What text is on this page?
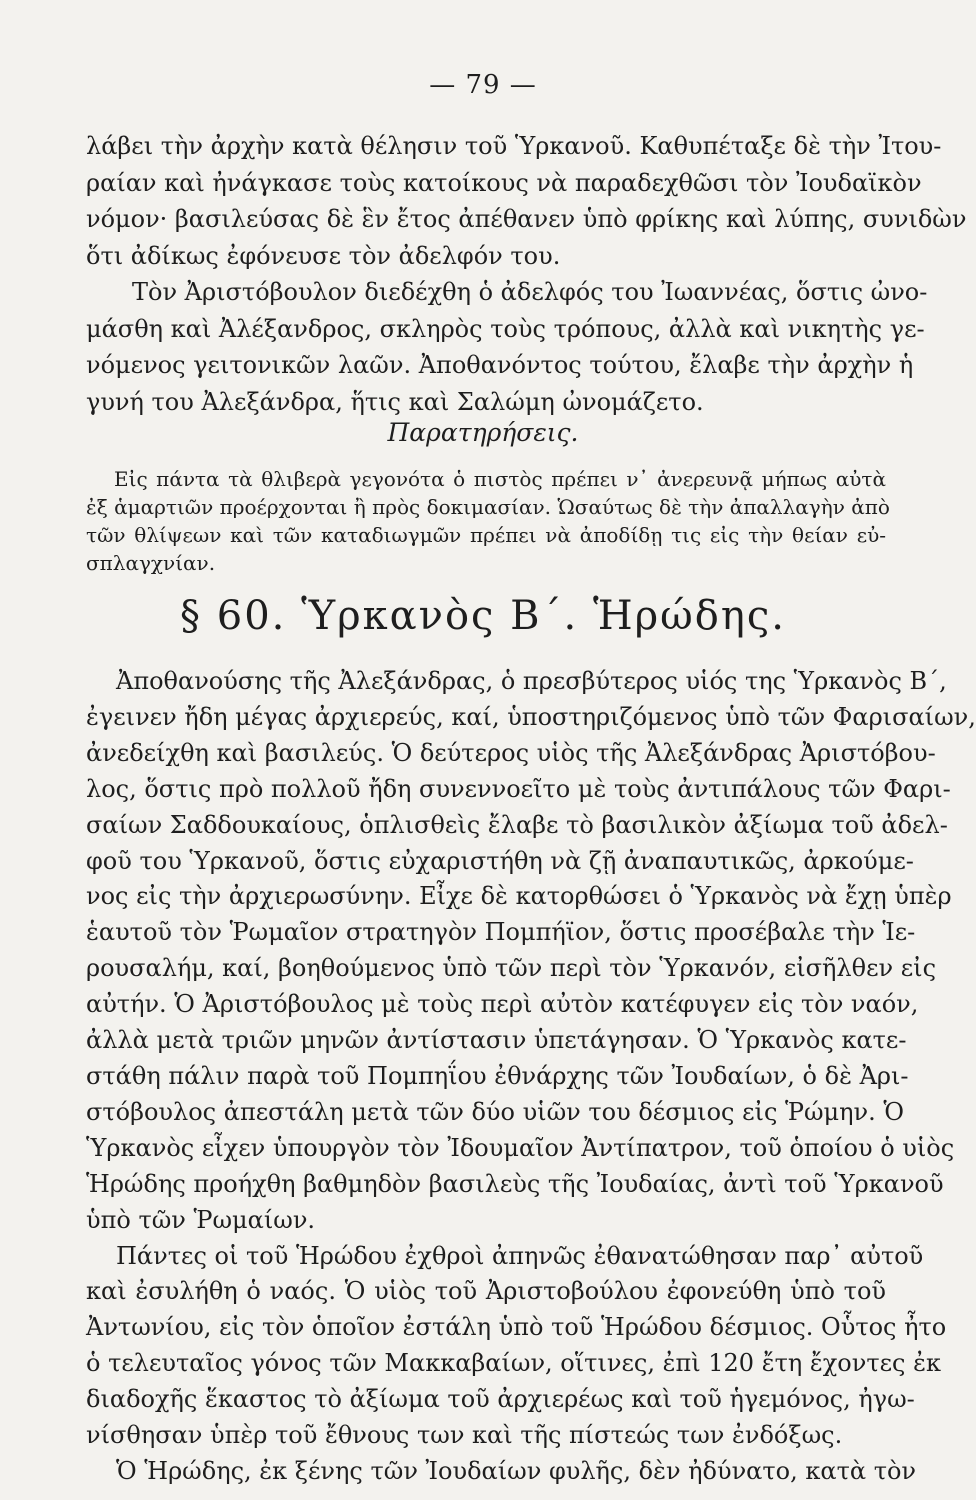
— 79 —
λάβει τὴν ἀρχὴν κατὰ θέλησιν τοῦ Ὑρκανοῦ. Καθυπέταξε δὲ τὴν Ἰτου-
ραίαν καὶ ἠνάγκασε τοὺς κατοίκους νὰ παραδεχθῶσι τὸν Ἰουδαϊκὸν
νόμον· βασιλεύσας δὲ ἓν ἔτος ἀπέθανεν ὑπὸ φρίκης καὶ λύπης, συνιδὼν
ὅτι ἀδίκως ἐφόνευσε τὸν ἀδελφόν του.
Τὸν Ἀριστόβουλον διεδέχθη ὁ ἀδελφός του Ἰωαννέας, ὅστις ὠνο-
μάσθη καὶ Ἀλέξανδρος, σκληρὸς τοὺς τρόπους, ἀλλὰ καὶ νικητὴς γε-
νόμενος γειτονικῶν λαῶν. Ἀποθανόντος τούτου, ἔλαβε τὴν ἀρχὴν ἡ
γυνή του Ἀλεξάνδρα, ἥτις καὶ Σαλώμη ὠνομάζετο.
Παρατηρήσεις.
Εἰς πάντα τὰ θλιβερὰ γεγονότα ὁ πιστὸς πρέπει ν᾽ ἀνερευνᾷ μήπως αὐτὰ
ἐξ ἁμαρτιῶν προέρχονται ἢ πρὸς δοκιμασίαν. Ὡσαύτως δὲ τὴν ἀπαλλαγὴν ἀπὸ
τῶν θλίψεων καὶ τῶν καταδιωγμῶν πρέπει νὰ ἀποδίδῃ τις εἰς τὴν θείαν εὐ-
σπλαγχνίαν.
§ 60. Ὑρκανὸς Β΄. Ἡρώδης.
Ἀποθανούσης τῆς Ἀλεξάνδρας, ὁ πρεσβύτερος υἱός της Ὑρκανὸς Β΄,
ἐγεινεν ἤδη μέγας ἀρχιερεύς, καί, ὑποστηριζόμενος ὑπὸ τῶν Φαρισαίων,
ἀνεδείχθη καὶ βασιλεύς. Ὁ δεύτερος υἱὸς τῆς Ἀλεξάνδρας Ἀριστόβου-
λος, ὅστις πρὸ πολλοῦ ἤδη συνεννοεῖτο μὲ τοὺς ἀντιπάλους τῶν Φαρι-
σαίων Σαδδουκαίους, ὁπλισθεὶς ἔλαβε τὸ βασιλικὸν ἀξίωμα τοῦ ἀδελ-
φοῦ του Ὑρκανοῦ, ὅστις εὐχαριστήθη νὰ ζῇ ἀναπαυτικῶς, ἀρκούμε-
νος εἰς τὴν ἀρχιερωσύνην. Εἶχε δὲ κατορθώσει ὁ Ὑρκανὸς νὰ ἔχῃ ὑπὲρ
ἑαυτοῦ τὸν Ῥωμαῖον στρατηγὸν Πομπήϊον, ὅστις προσέβαλε τὴν Ἱε-
ρουσαλήμ, καί, βοηθούμενος ὑπὸ τῶν περὶ τὸν Ὑρκανόν, εἰσῆλθεν εἰς
αὐτήν. Ὁ Ἀριστόβουλος μὲ τοὺς περὶ αὐτὸν κατέφυγεν εἰς τὸν ναόν,
ἀλλὰ μετὰ τριῶν μηνῶν ἀντίστασιν ὑπετάγησαν. Ὁ Ὑρκανὸς κατε-
στάθη πάλιν παρὰ τοῦ Πομπηΐου ἐθνάρχης τῶν Ἰουδαίων, ὁ δὲ Ἀρι-
στόβουλος ἀπεστάλη μετὰ τῶν δύο υἱῶν του δέσμιος εἰς Ῥώμην. Ὁ
Ὑρκανὸς εἶχεν ὑπουργὸν τὸν Ἰδουμαῖον Ἀντίπατρον, τοῦ ὁποίου ὁ υἱὸς
Ἡρώδης προήχθη βαθμηδὸν βασιλεὺς τῆς Ἰουδαίας, ἀντὶ τοῦ Ὑρκανοῦ
ὑπὸ τῶν Ῥωμαίων.
Πάντες οἱ τοῦ Ἡρώδου ἐχθροὶ ἀπηνῶς ἐθανατώθησαν παρ᾽ αὐτοῦ
καὶ ἐσυλήθη ὁ ναός. Ὁ υἱὸς τοῦ Ἀριστοβούλου ἐφονεύθη ὑπὸ τοῦ
Ἀντωνίου, εἰς τὸν ὁποῖον ἐστάλη ὑπὸ τοῦ Ἡρώδου δέσμιος. Οὗτος ἦτο
ὁ τελευταῖος γόνος τῶν Μακκαβαίων, οἵτινες, ἐπὶ 120 ἔτη ἔχοντες ἐκ
διαδοχῆς ἕκαστος τὸ ἀξίωμα τοῦ ἀρχιερέως καὶ τοῦ ἡγεμόνος, ἠγω-
νίσθησαν ὑπὲρ τοῦ ἔθνους των καὶ τῆς πίστεώς των ἐνδόξως.
Ὁ Ἡρώδης, ἐκ ξένης τῶν Ἰουδαίων φυλῆς, δὲν ἠδύνατο, κατὰ τὸν
